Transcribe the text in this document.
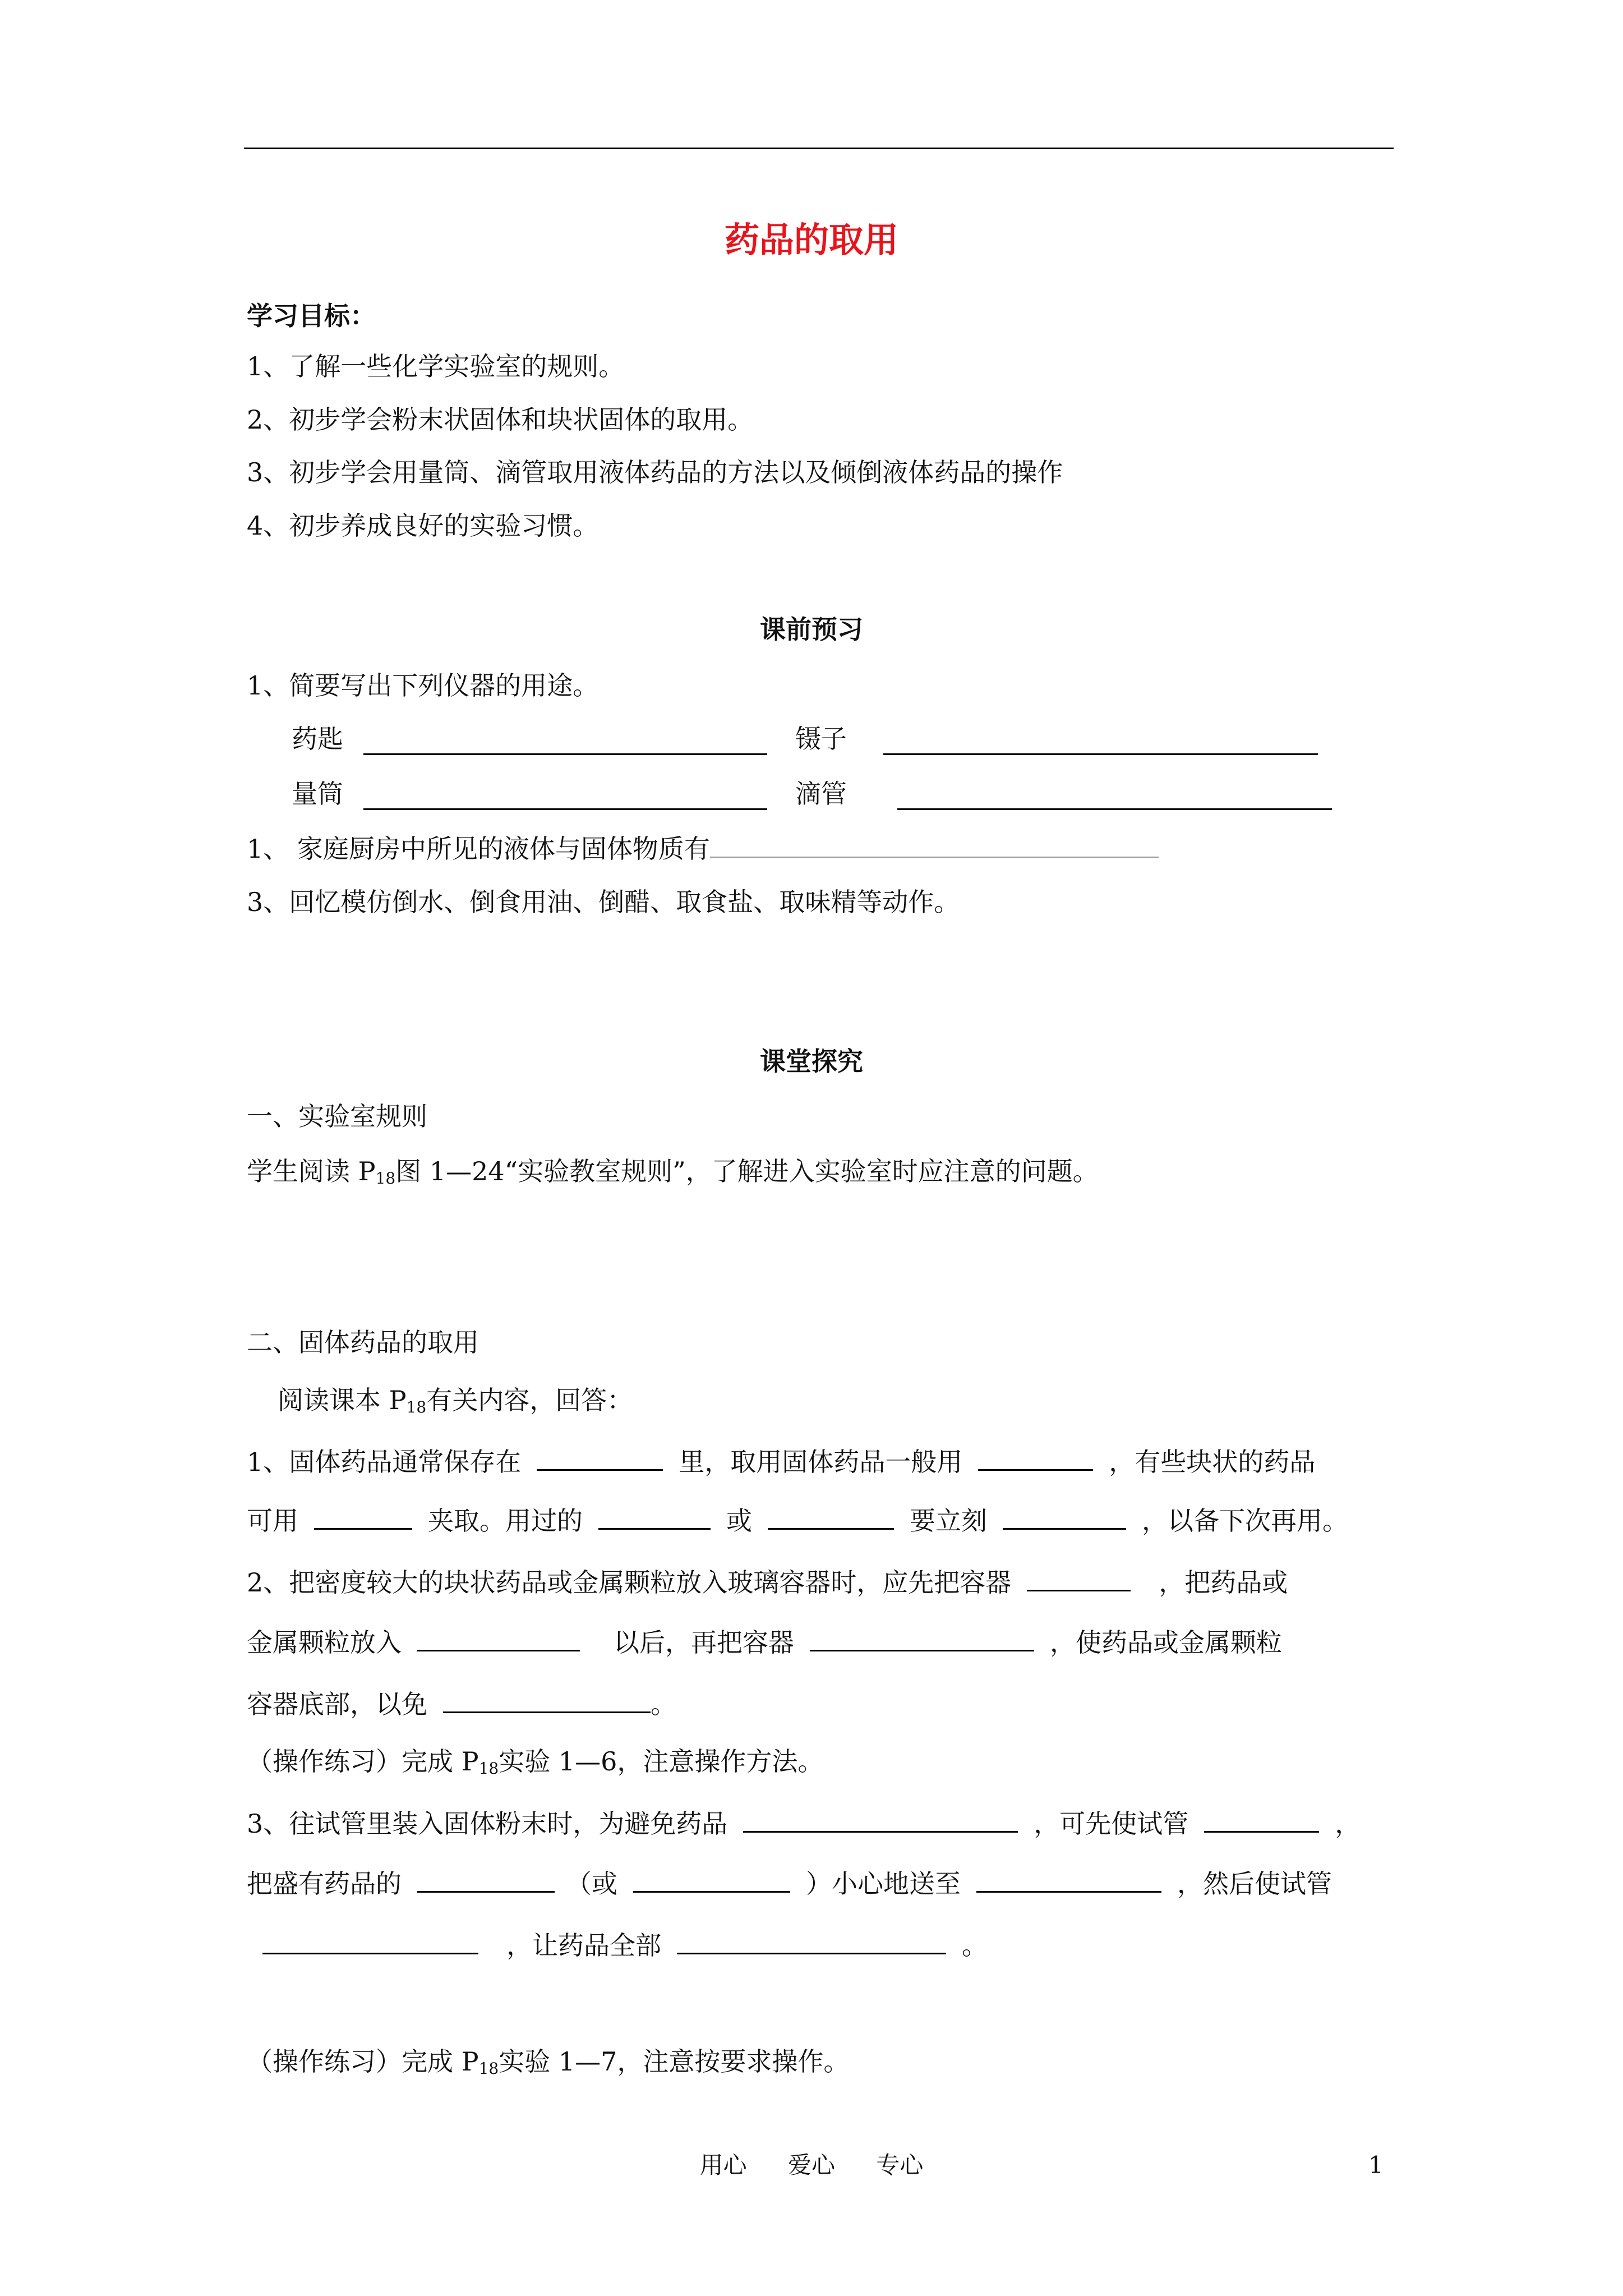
药品的取用
学习目标：
1、了解一些化学实验室的规则。
2、初步学会粉末状固体和块状固体的取用。
3、初步学会用量筒、滴管取用液体药品的方法以及倾倒液体药品的操作
4、初步养成良好的实验习惯。
课前预习
1、简要写出下列仪器的用途。
药匙	镊子
量筒	滴管
1、 家庭厨房中所见的液体与固体物质有
3、回忆模仿倒水、倒食用油、倒醋、取食盐、取味精等动作。
课堂探究
一、实验室规则
学生阅读 $P_{18}$图 1—24“实验教室规则”，了解进入实验室时应注意的问题。
二、固体药品的取用
阅读课本 $P_{18}$有关内容，回答：
1、固体药品通常保存在	里，取用固体药品一般用	，有些块状的药品
可用	夹取。用过的	或	要立刻	，以备下次再用。
2、把密度较大的块状药品或金属颗粒放入玻璃容器时，应先把容器	，把药品或
金属颗粒放入	以后，再把容器	，使药品或金属颗粒
容器底部，以免	。
（操作练习）完成 $P_{18}$实验 1—6，注意操作方法。
3、往试管里装入固体粉末时，为避免药品	，可先使试管	，
把盛有药品的	（或	）小心地送至	，然后使试管
，让药品全部	。
（操作练习）完成 $P_{18}$实验 1—7，注意按要求操作。
用心 爱心 专心	1
